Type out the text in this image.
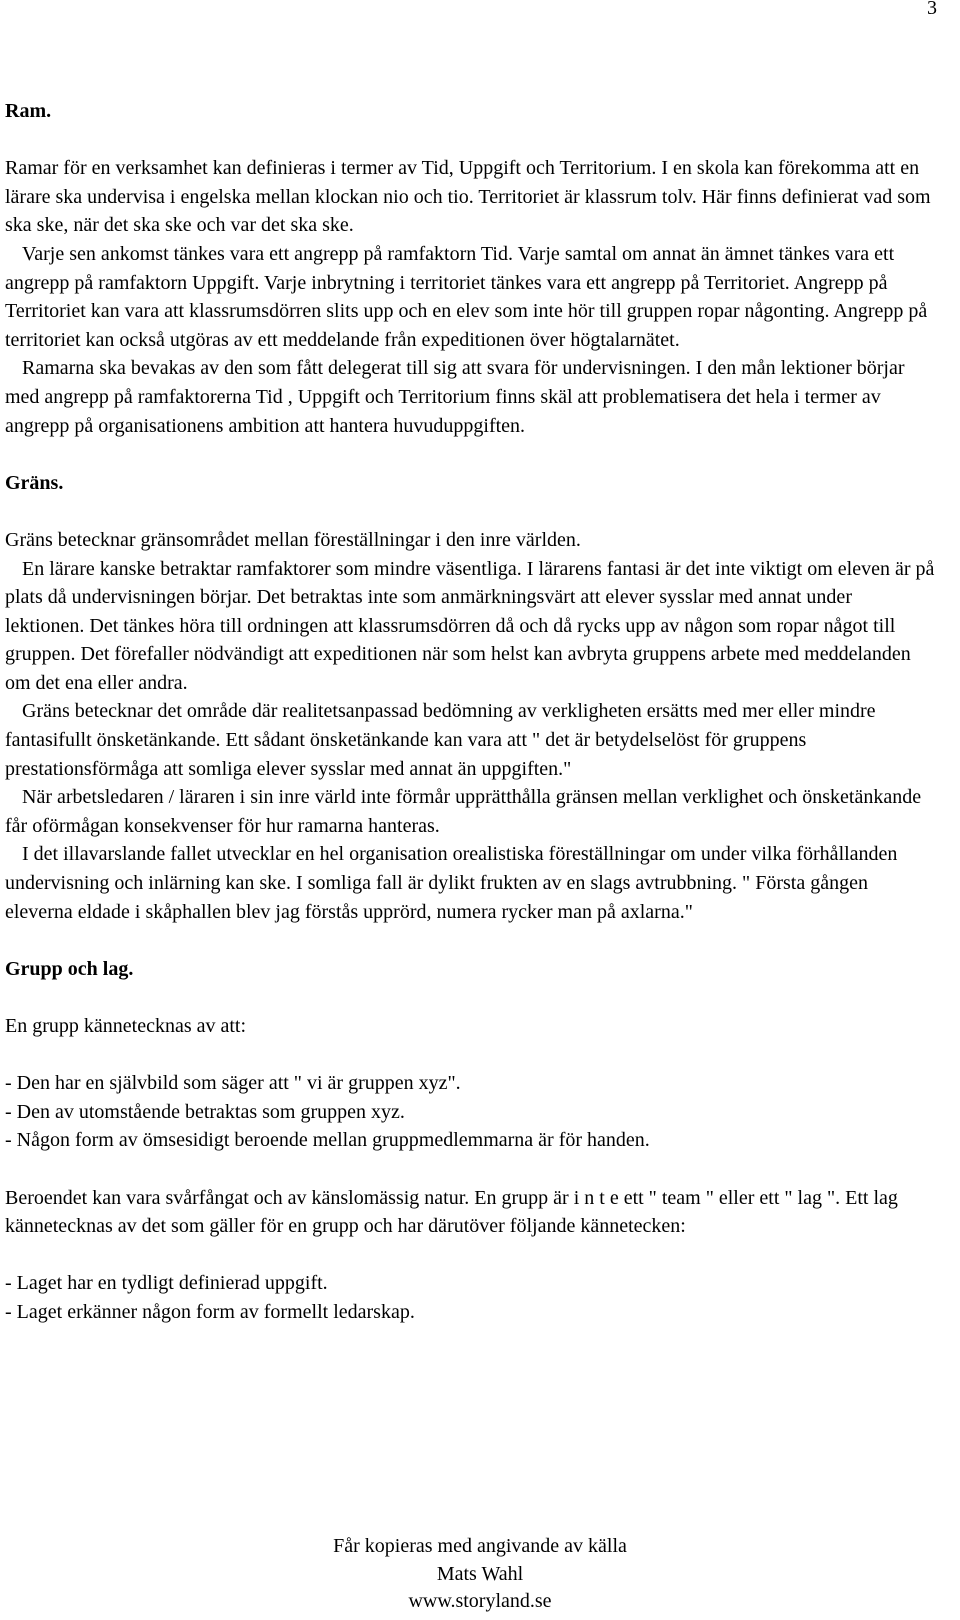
3
Ram.

Ramar för en verksamhet kan definieras i termer av Tid, Uppgift och Territorium. I en skola kan förekomma att en lärare ska undervisa i engelska mellan klockan nio och tio. Territoriet är klassrum tolv. Här finns definierat vad som ska ske, när det ska ske och var det ska ske.

Varje sen ankomst tänkes vara ett angrepp på ramfaktorn Tid. Varje samtal om annat än ämnet tänkes vara ett angrepp på ramfaktorn Uppgift. Varje inbrytning i territoriet tänkes vara ett angrepp på Territoriet. Angrepp på Territoriet kan vara att klassrumsdörren slits upp och en elev som inte hör till gruppen ropar någonting. Angrepp på territoriet kan också utgöras av ett meddelande från expeditionen över högtalarnätet.

Ramarna ska bevakas av den som fått delegerat till sig att svara för undervisningen. I den mån lektioner börjar med angrepp på ramfaktorerna Tid , Uppgift och Territorium finns skäl att problematisera det hela i termer av angrepp på organisationens ambition att hantera huvuduppgiften.

Gräns.

Gräns betecknar gränsområdet mellan föreställningar i den inre världen.

En lärare kanske betraktar ramfaktorer som mindre väsentliga. I lärarens fantasi är det inte viktigt om eleven är på plats då undervisningen börjar. Det betraktas inte som anmärkningsvärt att elever sysslar med annat under lektionen. Det tänkes höra till ordningen att klassrumsdörren då och då rycks upp av någon som ropar något till gruppen. Det förefaller nödvändigt att expeditionen när som helst kan avbryta gruppens arbete med meddelanden om det ena eller andra.

Gräns betecknar det område där realitetsanpassad bedömning av verkligheten ersätts med mer eller mindre fantasifullt önsketänkande. Ett sådant önsketänkande kan vara att " det är betydelselöst för gruppens prestationsförmåga att somliga elever sysslar med annat än uppgiften."

När arbetsledaren / läraren i sin inre värld inte förmår upprätthålla gränsen mellan verklighet och önsketänkande får oförmågan konsekvenser för hur ramarna hanteras.

I det illavarslande fallet utvecklar en hel organisation orealistiska föreställningar om under vilka förhållanden undervisning och inlärning kan ske. I somliga fall är dylikt frukten av en slags avtrubbning. " Första gången eleverna eldade i skåphallen blev jag förstås upprörd, numera rycker man på axlarna."

Grupp och lag.

En grupp kännetecknas av att:

- Den har en självbild som säger att " vi är gruppen xyz".

- Den av utomstående betraktas som gruppen xyz.

- Någon form av ömsesidigt beroende mellan gruppmedlemmarna är för handen.

Beroendet kan vara svårfångat och av känslomässig natur. En grupp är i n t e ett " team " eller ett " lag ". Ett lag kännetecknas av det som gäller för en grupp och har därutöver följande kännetecken:

- Laget har en tydligt definierad uppgift.

- Laget erkänner någon form av formellt ledarskap.

Får kopieras med angivande av källa
Mats Wahl
www.storyland.se
